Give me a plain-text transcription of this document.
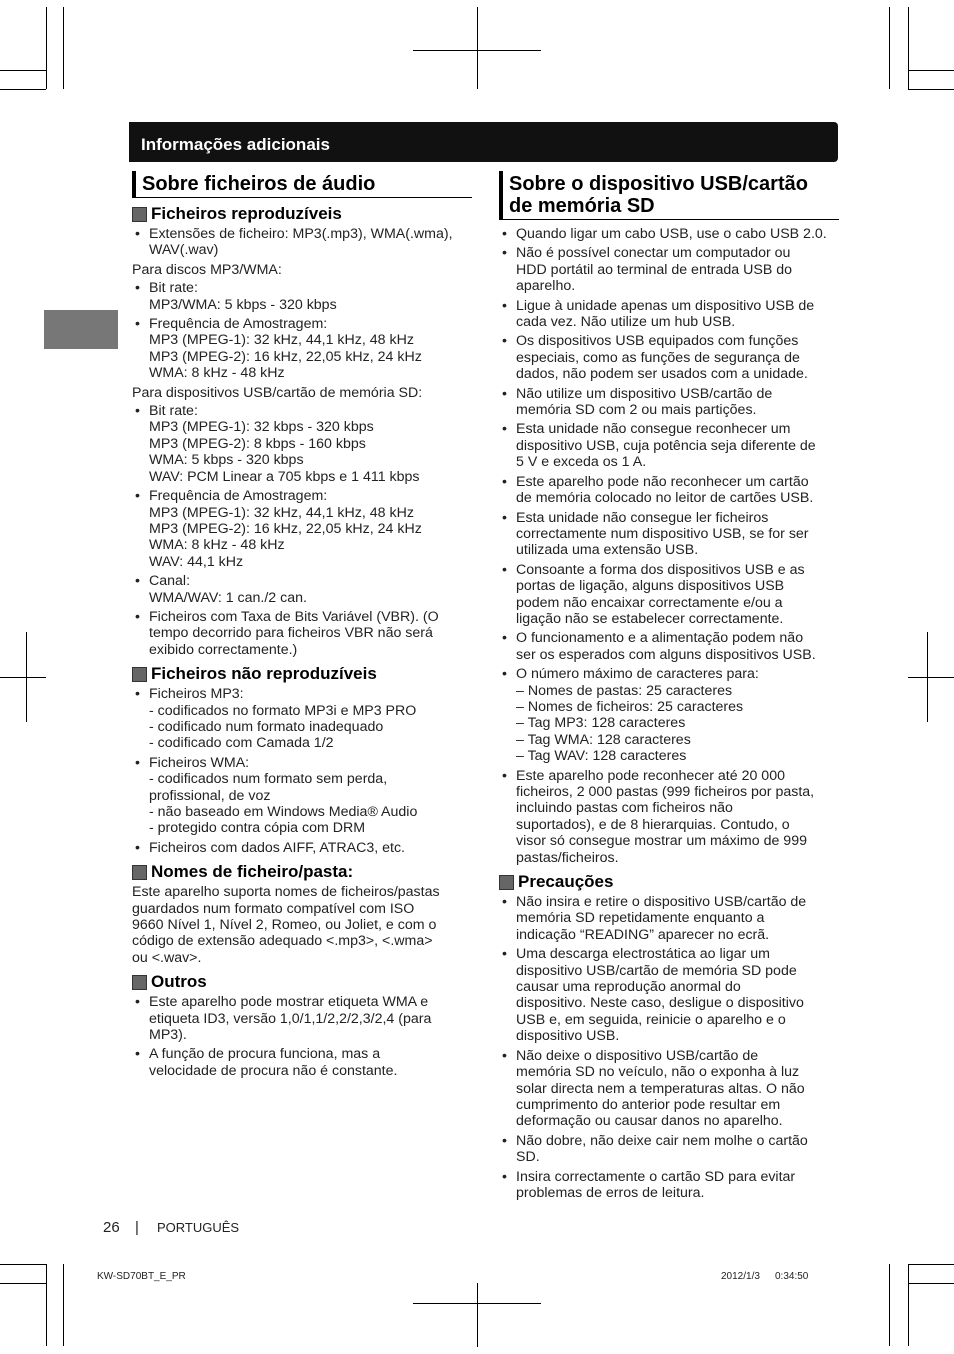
Informações adicionais
Sobre ficheiros de áudio
Ficheiros reproduzíveis
• Extensões de ficheiro: MP3(.mp3), WMA(.wma),
WAV(.wav)

Para discos MP3/WMA:

• Bit rate:
MP3/WMA: 5 kbps - 320 kbps
• Frequência de Amostragem:
MP3 (MPEG-1): 32 kHz, 44,1 kHz, 48 kHz
MP3 (MPEG-2): 16 kHz, 22,05 kHz, 24 kHz
WMA: 8 kHz - 48 kHz

Para dispositivos USB/cartão de memória SD:

• Bit rate:
MP3 (MPEG-1): 32 kbps - 320 kbps
MP3 (MPEG-2): 8 kbps - 160 kbps
WMA: 5 kbps - 320 kbps
WAV: PCM Linear a 705 kbps e 1 411 kbps
• Frequência de Amostragem:
MP3 (MPEG-1): 32 kHz, 44,1 kHz, 48 kHz
MP3 (MPEG-2): 16 kHz, 22,05 kHz, 24 kHz
WMA: 8 kHz - 48 kHz
WAV: 44,1 kHz
• Canal:
WMA/WAV: 1 can./2 can.
• Ficheiros com Taxa de Bits Variável (VBR). (O
tempo decorrido para ficheiros VBR não será
exibido correctamente.)
Ficheiros não reproduzíveis
• Ficheiros MP3:
- codificados no formato MP3i e MP3 PRO
- codificado num formato inadequado
- codificado com Camada 1/2
• Ficheiros WMA:
- codificados num formato sem perda,
profissional, de voz
- não baseado em Windows Media® Audio
- protegido contra cópia com DRM
• Ficheiros com dados AIFF, ATRAC3, etc.
Nomes de ficheiro/pasta:

Este aparelho suporta nomes de ficheiros/pastas
guardados num formato compatível com ISO
9660 Nível 1, Nível 2, Romeo, ou Joliet, e com o
código de extensão adequado <.mp3>, <.wma>
ou <.wav>.

Outros
• Este aparelho pode mostrar etiqueta WMA e
etiqueta ID3, versão 1,0/1,1/2,2/2,3/2,4 (para
MP3).
• A função de procura funciona, mas a
velocidade de procura não é constante.
Sobre o dispositivo USB/cartão
de memória SD
• Quando ligar um cabo USB, use o cabo USB 2.0.
• Não é possível conectar um computador ou
HDD portátil ao terminal de entrada USB do
aparelho.
• Ligue à unidade apenas um dispositivo USB de
cada vez. Não utilize um hub USB.
• Os dispositivos USB equipados com funções
especiais, como as funções de segurança de
dados, não podem ser usados com a unidade.
• Não utilize um dispositivo USB/cartão de
memória SD com 2 ou mais partições.
• Esta unidade não consegue reconhecer um
dispositivo USB, cuja potência seja diferente de
5 V e exceda os 1 A.
• Este aparelho pode não reconhecer um cartão
de memória colocado no leitor de cartões USB.
• Esta unidade não consegue ler ficheiros
correctamente num dispositivo USB, se for ser
utilizada uma extensão USB.
• Consoante a forma dos dispositivos USB e as
portas de ligação, alguns dispositivos USB
podem não encaixar correctamente e/ou a
ligação não se estabelecer correctamente.
• O funcionamento e a alimentação podem não
ser os esperados com alguns dispositivos USB.
• O número máximo de caracteres para:
– Nomes de pastas: 25 caracteres
– Nomes de ficheiros: 25 caracteres
– Tag MP3: 128 caracteres
– Tag WMA: 128 caracteres
– Tag WAV: 128 caracteres
• Este aparelho pode reconhecer até 20 000
ficheiros, 2 000 pastas (999 ficheiros por pasta,
incluindo pastas com ficheiros não
suportados), e de 8 hierarquias. Contudo, o
visor só consegue mostrar um máximo de 999
pastas/ficheiros.
Precauções
• Não insira e retire o dispositivo USB/cartão de
memória SD repetidamente enquanto a
indicação “READING” aparecer no ecrã.
• Uma descarga electrostática ao ligar um
dispositivo USB/cartão de memória SD pode
causar uma reprodução anormal do
dispositivo. Neste caso, desligue o dispositivo
USB e, em seguida, reinicie o aparelho e o
dispositivo USB.
• Não deixe o dispositivo USB/cartão de
memória SD no veículo, não o exponha à luz
solar directa nem a temperaturas altas. O não
cumprimento do anterior pode resultar em
deformação ou causar danos no aparelho.
• Não dobre, não deixe cair nem molhe o cartão
SD.
• Insira correctamente o cartão SD para evitar
problemas de erros de leitura.
26 | PORTUGUÊS
KW-SD70BT_E_PR	2012/1/3 0:34:50
